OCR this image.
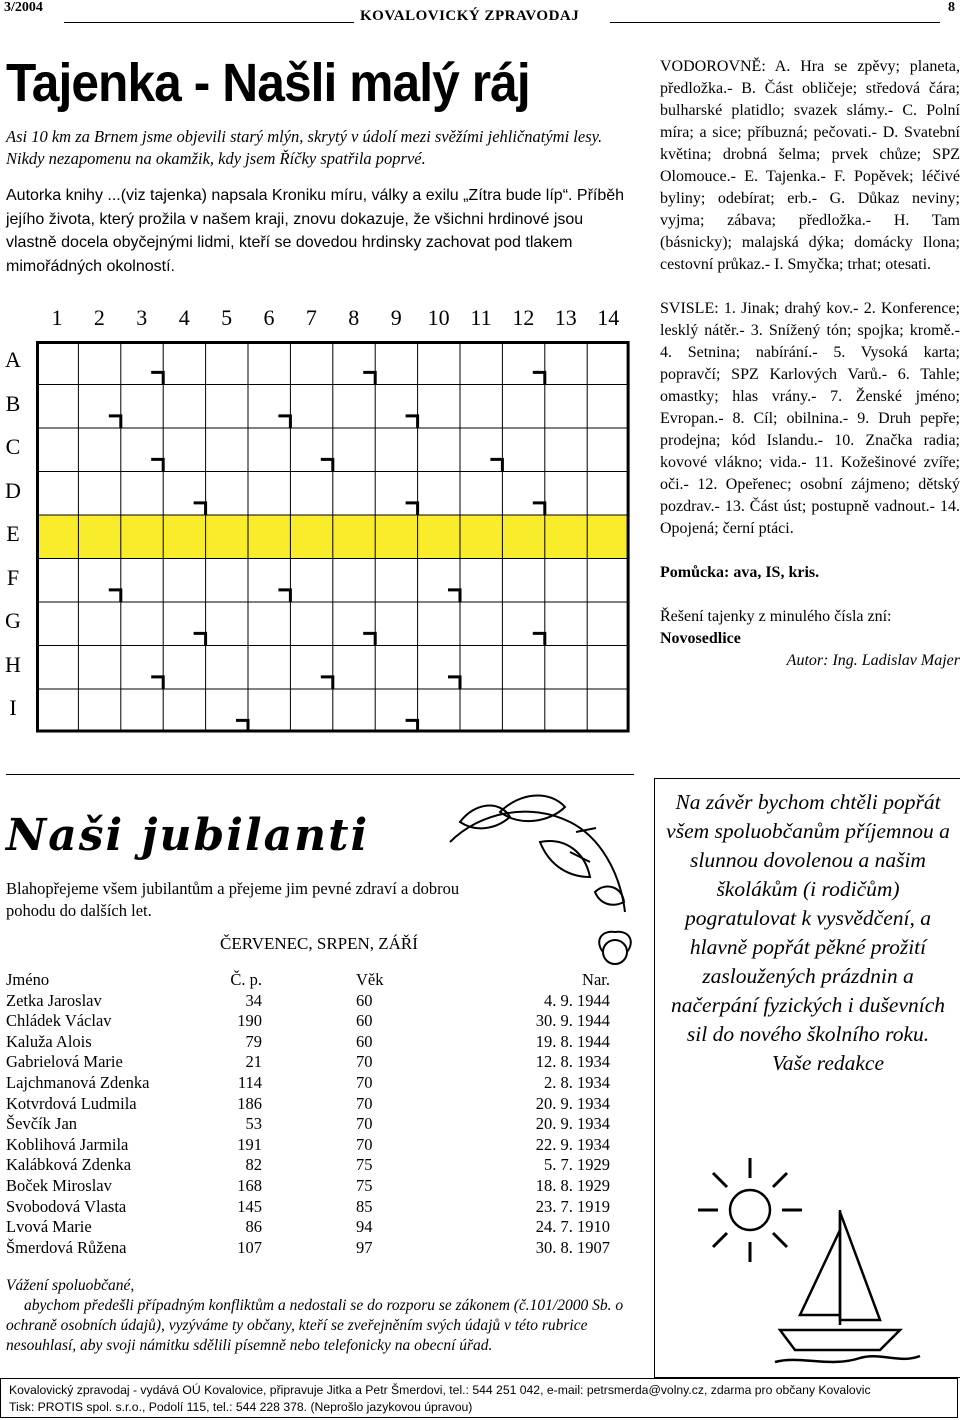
3/2004
KOVALOVICKÝ ZPRAVODAJ
8
Tajenka - Našli malý ráj
Asi 10 km za Brnem jsme objevili starý mlýn, skrytý v údolí mezi svěžími jehličnatými lesy. Nikdy nezapomenu na okamžik, kdy jsem Říčky spatřila poprvé.
Autorka knihy ...(viz tajenka) napsala Kroniku míru, války a exilu „Zítra bude líp“. Příběh jejího života, který prožila v našem kraji, znovu dokazuje, že všichni hrdinové jsou vlastně docela obyčejnými lidmi, kteří se dovedou hrdinsky zachovat pod tlakem mimořádných okolností.
1	2	3	4	5	6	7	8	9	10 11 12 13 14
A
B
C
D
E
F
G
H
I

VODOROVNĚ: A. Hra se zpěvy; planeta, předložka.- B. Část obličeje; středová čára; bulharské platidlo; svazek slámy.- C. Polní míra; a sice; příbuzná; pečovati.- D. Svatební květina; drobná šelma; prvek chůze; SPZ Olomouce.- E. Tajenka.- F. Popěvek; léčivé byliny; odebírat; erb.- G. Důkaz neviny; vyjma; zábava; předložka.- H. Tam (básnicky); malajská dýka; domácky Ilona; cestovní průkaz.- I. Smyčka; trhat; otesati.

SVISLE: 1. Jinak; drahý kov.- 2. Konference; lesklý nátěr.- 3. Snížený tón; spojka; kromě.- 4. Setnina; nabírání.- 5. Vysoká karta; popravčí; SPZ Karlových Varů.- 6. Tahle; omastky; hlas vrány.- 7. Ženské jméno; Evropan.- 8. Cíl; obilnina.- 9. Druh pepře; prodejna; kód Islandu.- 10. Značka radia; kovové vlákno; vida.- 11. Kožešinové zvíře; oči.- 12. Opeřenec; osobní zájmeno; dětský pozdrav.- 13. Část úst; postupně vadnout.- 14. Opojená; černí ptáci.

Pomůcka: ava, IS, kris.

Řešení tajenky z minulého čísla zní:

Novosedlice

Autor: Ing. Ladislav Majer

Naši jubilanti
Blahopřejeme všem jubilantům a přejeme jim pevné zdraví a dobrou pohodu do dalších let.
ČERVENEC, SRPEN, ZÁŘÍ
Jméno	Č. p.	Věk	Nar.
Zetka Jaroslav	34	60	4. 9. 1944
Chládek Václav	190	60	30. 9. 1944
Kaluža Alois	79	60	19. 8. 1944
Gabrielová Marie	21	70	12. 8. 1934
Lajchmanová Zdenka	114	70	2. 8. 1934
Kotvrdová Ludmila	186	70	20. 9. 1934
Ševčík Jan	53	70	20. 9. 1934
Koblihová Jarmila	191	70	22. 9. 1934
Kalábková Zdenka	82	75	5. 7. 1929
Boček Miroslav	168	75	18. 8. 1929
Svobodová Vlasta	145	85	23. 7. 1919
Lvová Marie	86	94	24. 7. 1910
Šmerdová Růžena	107	97	30. 8. 1907

Vážení spoluobčané,

abychom předešli případným konfliktům a nedostali se do rozporu se zákonem (č.101/2000 Sb. o ochraně osobních údajů), vyzýváme ty občany, kteří se zveřejněním svých údajů v této rubrice nesouhlasí, aby svoji námitku sdělili písemně nebo telefonicky na obecní úřad.

Na závěr bychom chtěli popřát všem spoluobčanům příjemnou a slunnou dovolenou a našim školákům (i rodičům) pogratulovat k vysvědčení, a hlavně popřát pěkné prožití zasloužených prázdnin a načerpání fyzických i duševních sil do nového školního roku.
Vaše redakce
Kovalovický zpravodaj - vydává OÚ Kovalovice, připravuje Jitka a Petr Šmerdovi, tel.: 544 251 042, e-mail: petrsmerda@volny.cz, zdarma pro občany Kovalovic
Tisk: PROTIS spol. s.r.o., Podolí 115, tel.: 544 228 378. (Neprošlo jazykovou úpravou)
